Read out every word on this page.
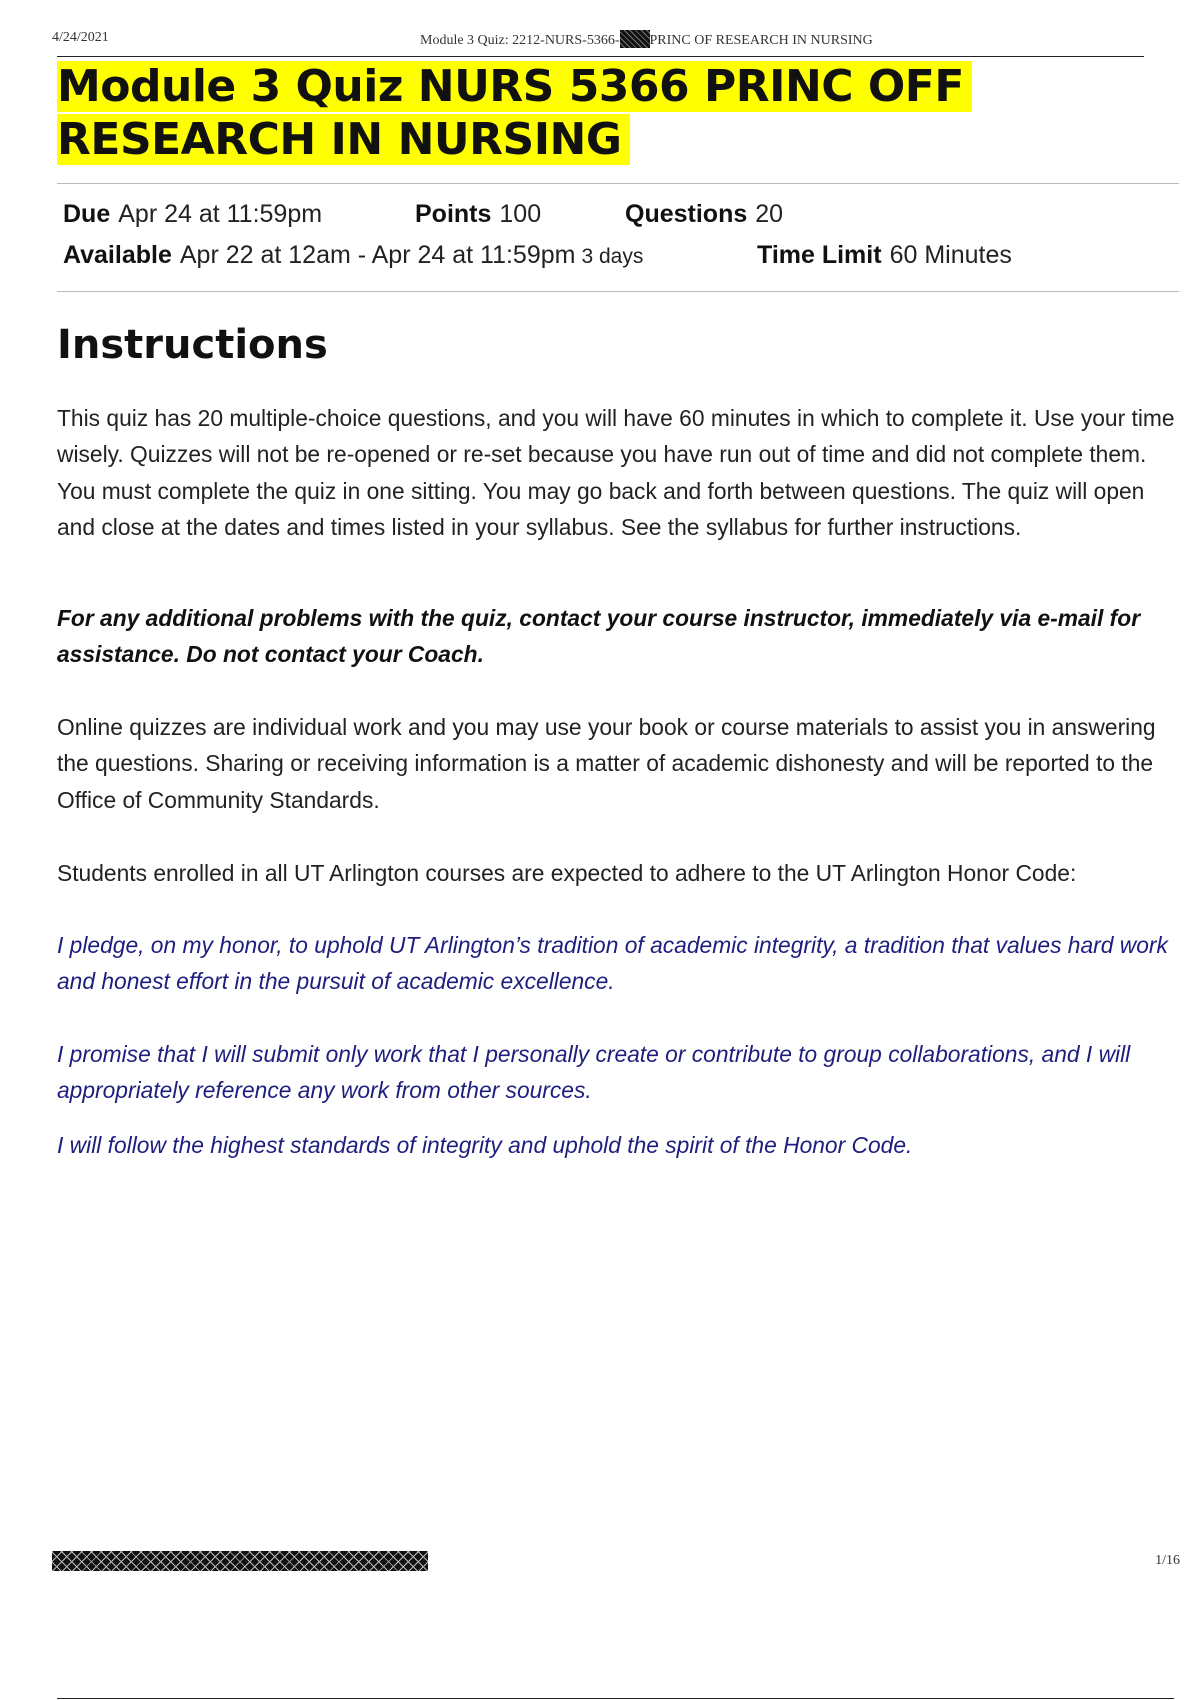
4/24/2021	Module 3 Quiz: 2212-NURS-5366- PRINC OF RESEARCH IN NURSING
Module 3 Quiz NURS 5366 PRINC OFF RESEARCH IN NURSING
Due Apr 24 at 11:59pm	Points 100	Questions 20
Available Apr 22 at 12am - Apr 24 at 11:59pm 3 days	Time Limit 60 Minutes
Instructions

This quiz has 20 multiple-choice questions, and you will have 60 minutes in which to complete it. Use your time wisely. Quizzes will not be re-opened or re-set because you have run out of time and did not complete them. You must complete the quiz in one sitting. You may go back and forth between questions. The quiz will open and close at the dates and times listed in your syllabus. See the syllabus for further instructions.

For any additional problems with the quiz, contact your course instructor, immediately via e-mail for assistance. Do not contact your Coach.

Online quizzes are individual work and you may use your book or course materials to assist you in answering the questions. Sharing or receiving information is a matter of academic dishonesty and will be reported to the Office of Community Standards.

Students enrolled in all UT Arlington courses are expected to adhere to the UT Arlington Honor Code:

I pledge, on my honor, to uphold UT Arlington’s tradition of academic integrity, a tradition that values hard work and honest effort in the pursuit of academic excellence.

I promise that I will submit only work that I personally create or contribute to group collaborations, and I will appropriately reference any work from other sources.

I will follow the highest standards of integrity and uphold the spirit of the Honor Code.

1/16
